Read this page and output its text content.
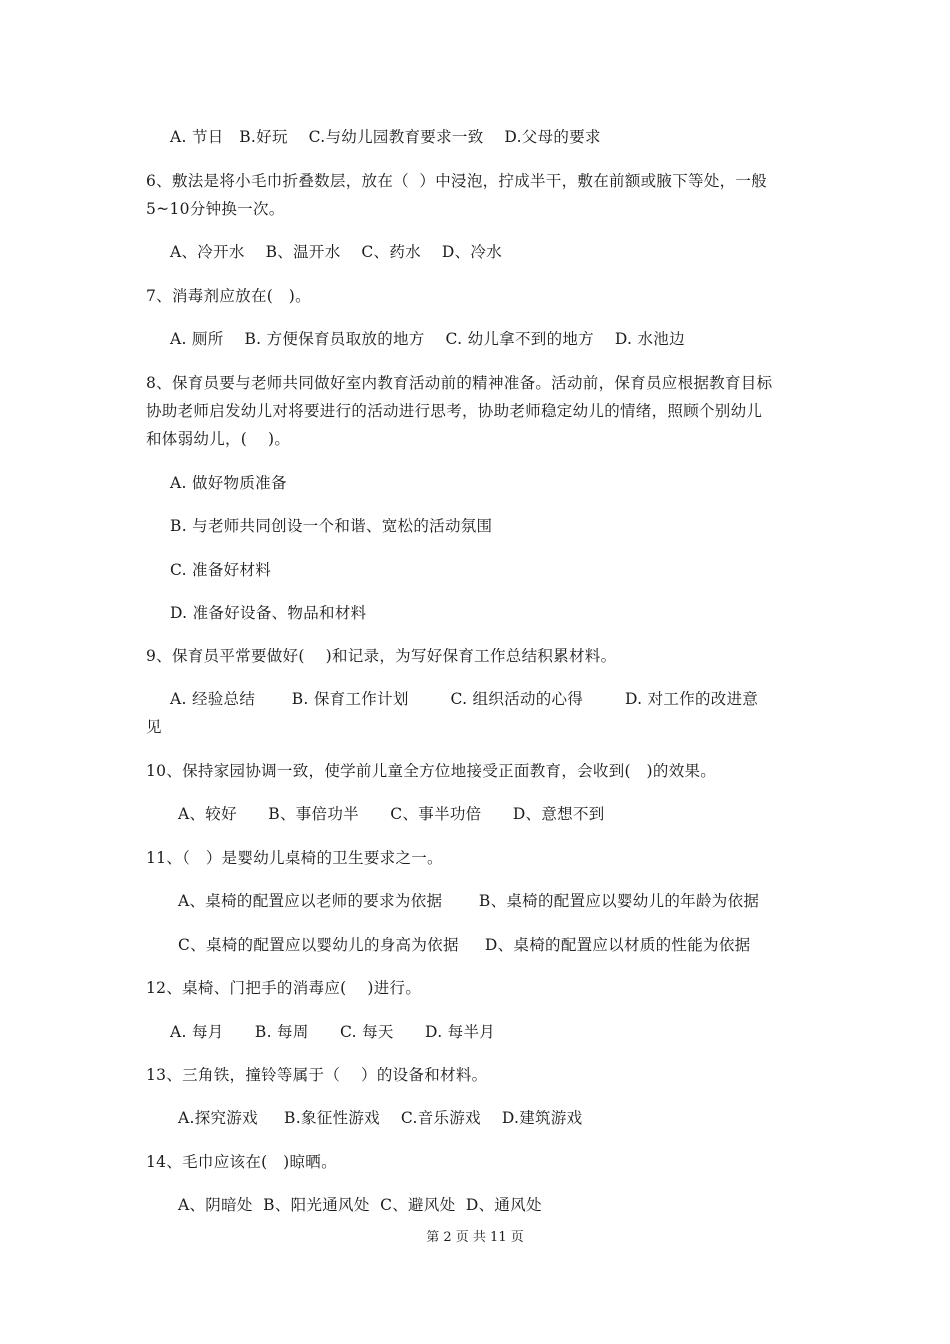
A. 节日   B.好玩    C.与幼儿园教育要求一致    D.父母的要求
6、敷法是将小毛巾折叠数层，放在（  ）中浸泡，拧成半干，敷在前额或腋下等处，一般
5~10分钟换一次。
A、冷开水    B、温开水    C、药水    D、冷水
7、消毒剂应放在(   )。
A. 厕所    B. 方便保育员取放的地方    C. 幼儿拿不到的地方    D. 水池边
8、保育员要与老师共同做好室内教育活动前的精神准备。活动前，保育员应根据教育目标
协助老师启发幼儿对将要进行的活动进行思考，协助老师稳定幼儿的情绪，照顾个别幼儿
和体弱幼儿，(    )。
A. 做好物质准备
B. 与老师共同创设一个和谐、宽松的活动氛围
C. 准备好材料
D. 准备好设备、物品和材料
9、保育员平常要做好(    )和记录，为写好保育工作总结积累材料。
A. 经验总结       B. 保育工作计划        C. 组织活动的心得        D. 对工作的改进意
见
10、保持家园协调一致，使学前儿童全方位地接受正面教育，会收到(   )的效果。
A、较好      B、事倍功半      C、事半功倍      D、意想不到
11、（   ）是婴幼儿桌椅的卫生要求之一。
A、桌椅的配置应以老师的要求为依据       B、桌椅的配置应以婴幼儿的年龄为依据
C、桌椅的配置应以婴幼儿的身高为依据     D、桌椅的配置应以材质的性能为依据
12、桌椅、门把手的消毒应(    )进行。
A. 每月      B. 每周      C. 每天      D. 每半月
13、三角铁，撞铃等属于（    ）的设备和材料。
A.探究游戏     B.象征性游戏    C.音乐游戏    D.建筑游戏
14、毛巾应该在(   )晾晒。
A、阴暗处  B、阳光通风处  C、避风处  D、通风处
第 2 页 共 11 页
